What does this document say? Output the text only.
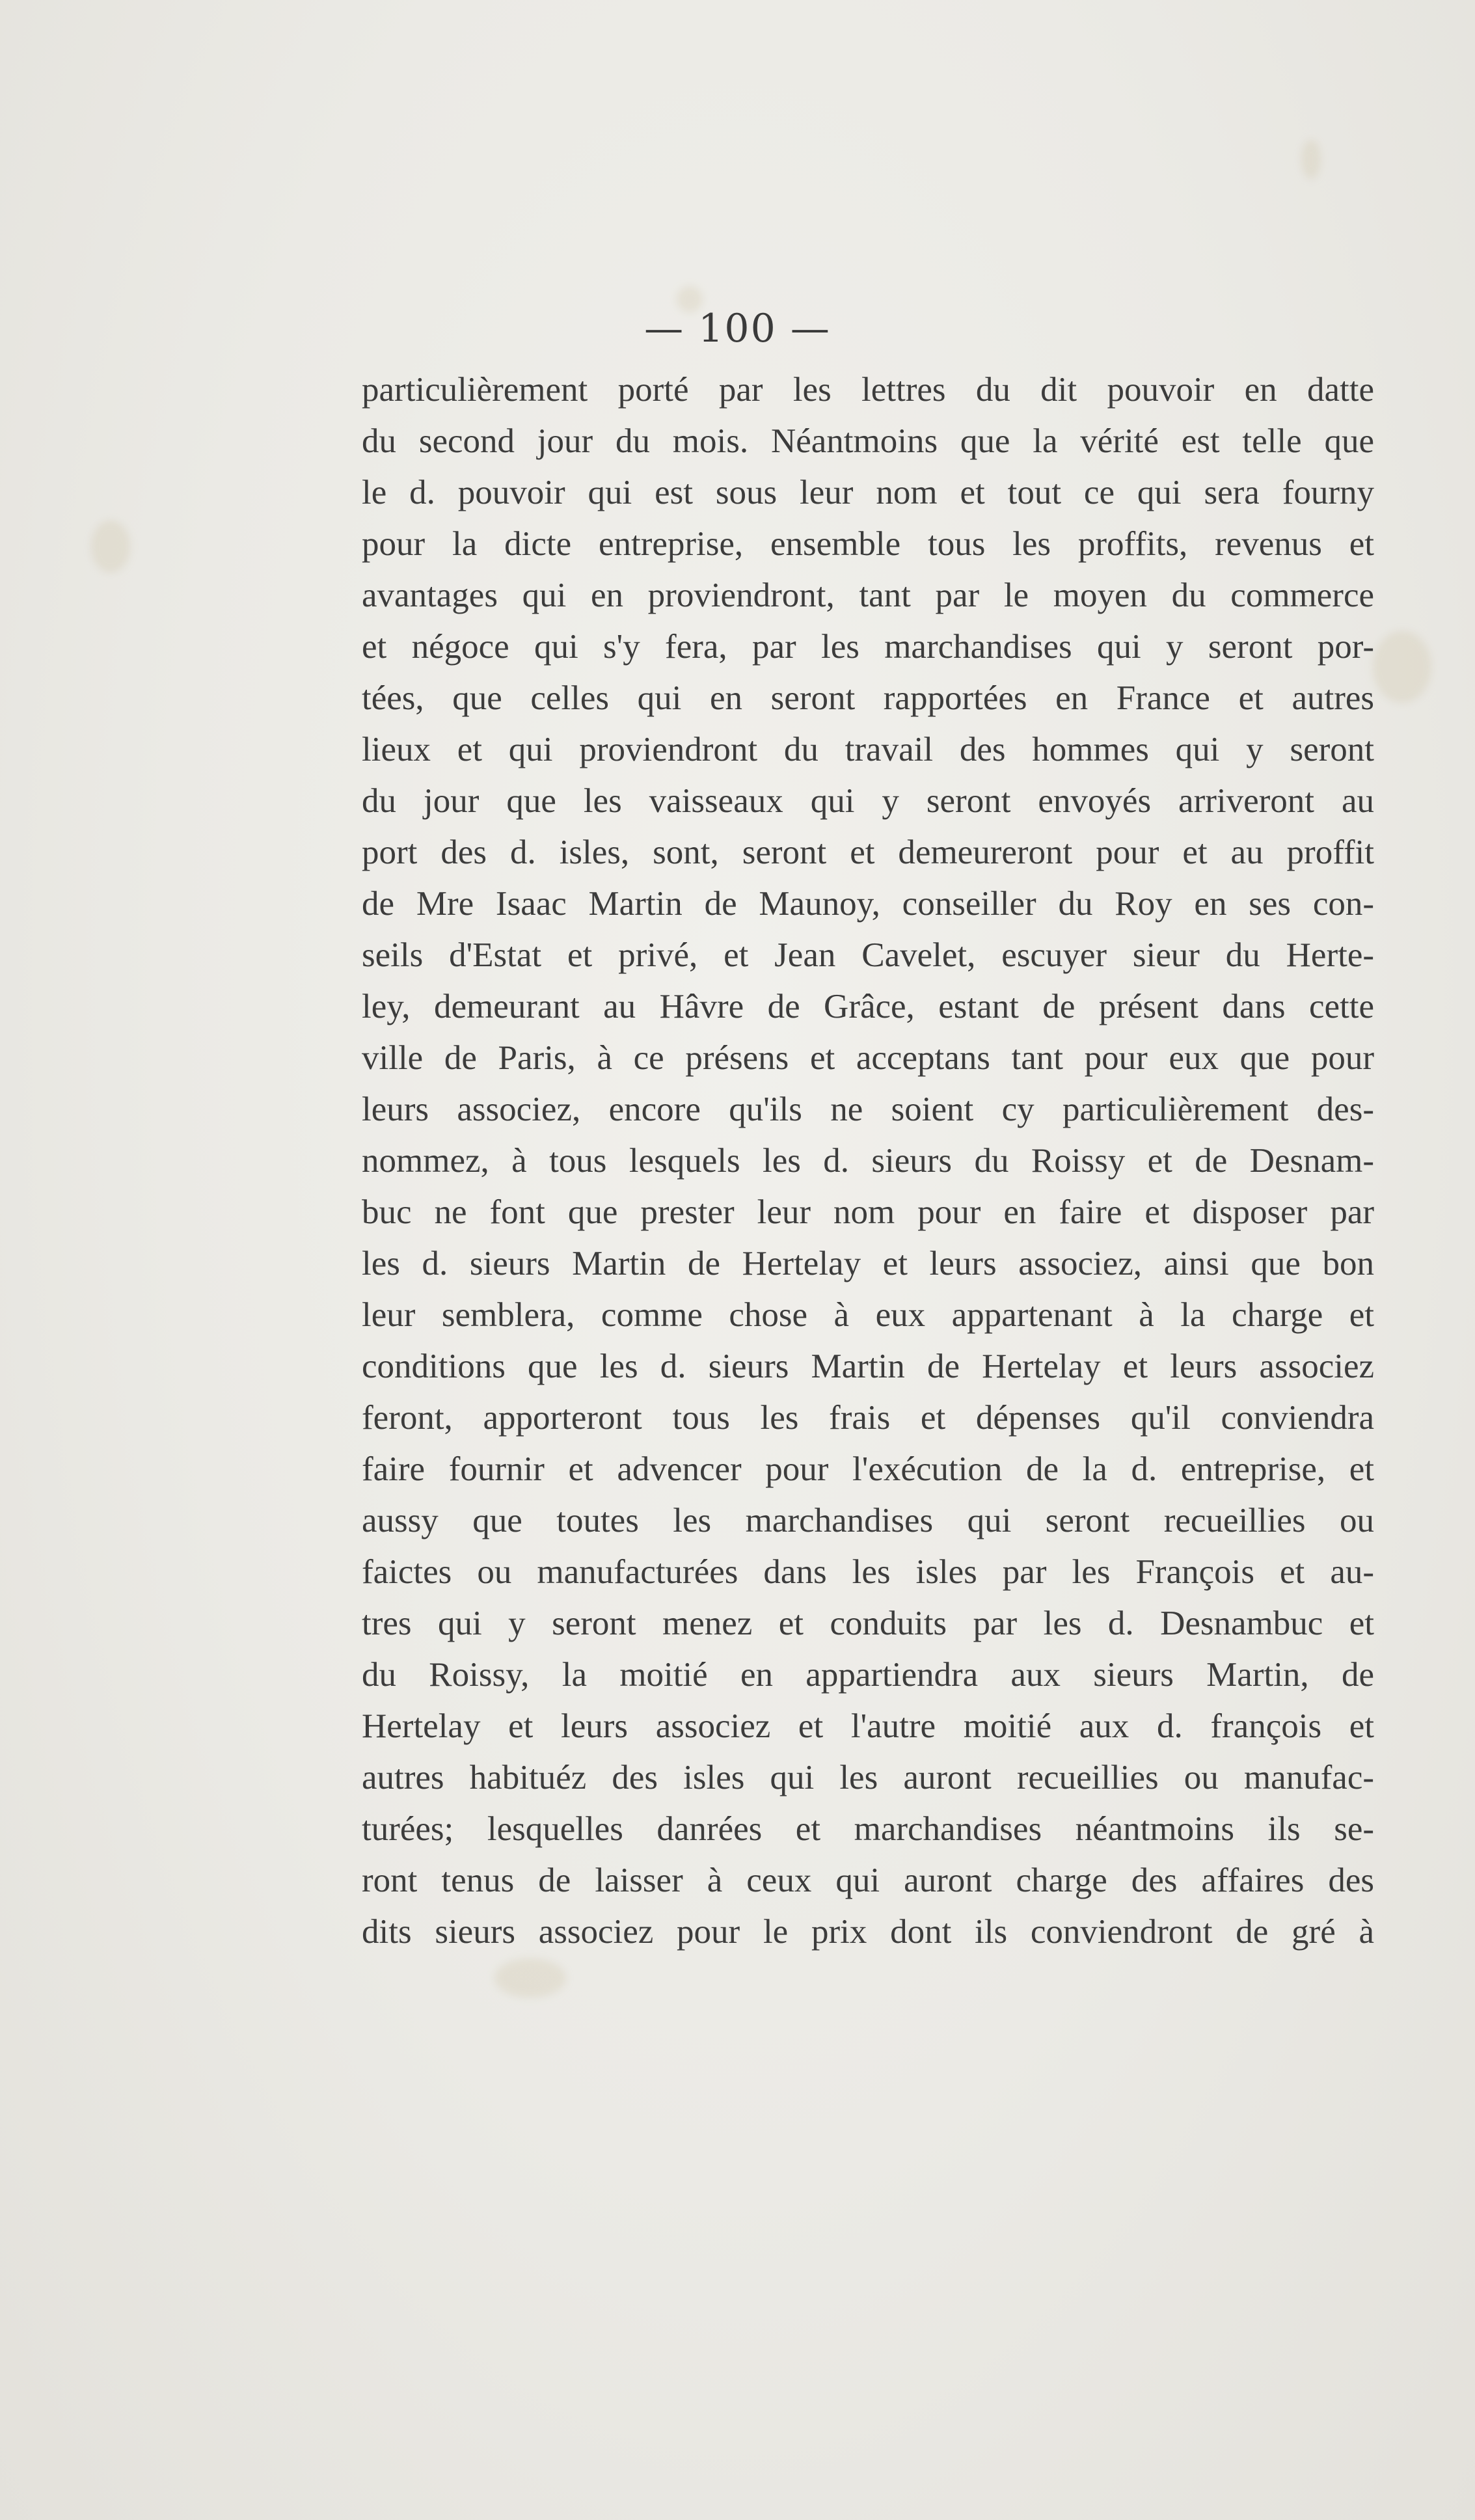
— 100 —
particulièrement porté par les lettres du dit pouvoir en datte
du second jour du mois. Néantmoins que la vérité est telle que
le d. pouvoir qui est sous leur nom et tout ce qui sera fourny
pour la dicte entreprise, ensemble tous les proffits, revenus et
avantages qui en proviendront, tant par le moyen du commerce
et négoce qui s'y fera, par les marchandises qui y seront por-
tées, que celles qui en seront rapportées en France et autres
lieux et qui proviendront du travail des hommes qui y seront
du jour que les vaisseaux qui y seront envoyés arriveront au
port des d. isles, sont, seront et demeureront pour et au proffit
de Mre Isaac Martin de Maunoy, conseiller du Roy en ses con-
seils d'Estat et privé, et Jean Cavelet, escuyer sieur du Herte-
ley, demeurant au Hâvre de Grâce, estant de présent dans cette
ville de Paris, à ce présens et acceptans tant pour eux que pour
leurs associez, encore qu'ils ne soient cy particulièrement des-
nommez, à tous lesquels les d. sieurs du Roissy et de Desnam-
buc ne font que prester leur nom pour en faire et disposer par
les d. sieurs Martin de Hertelay et leurs associez, ainsi que bon
leur semblera, comme chose à eux appartenant à la charge et
conditions que les d. sieurs Martin de Hertelay et leurs associez
feront, apporteront tous les frais et dépenses qu'il conviendra
faire fournir et advencer pour l'exécution de la d. entreprise, et
aussy que toutes les marchandises qui seront recueillies ou
faictes ou manufacturées dans les isles par les François et au-
tres qui y seront menez et conduits par les d. Desnambuc et
du Roissy, la moitié en appartiendra aux sieurs Martin, de
Hertelay et leurs associez et l'autre moitié aux d. françois et
autres habituéz des isles qui les auront recueillies ou manufac-
turées; lesquelles danrées et marchandises néantmoins ils se-
ront tenus de laisser à ceux qui auront charge des affaires des
dits sieurs associez pour le prix dont ils conviendront de gré à
